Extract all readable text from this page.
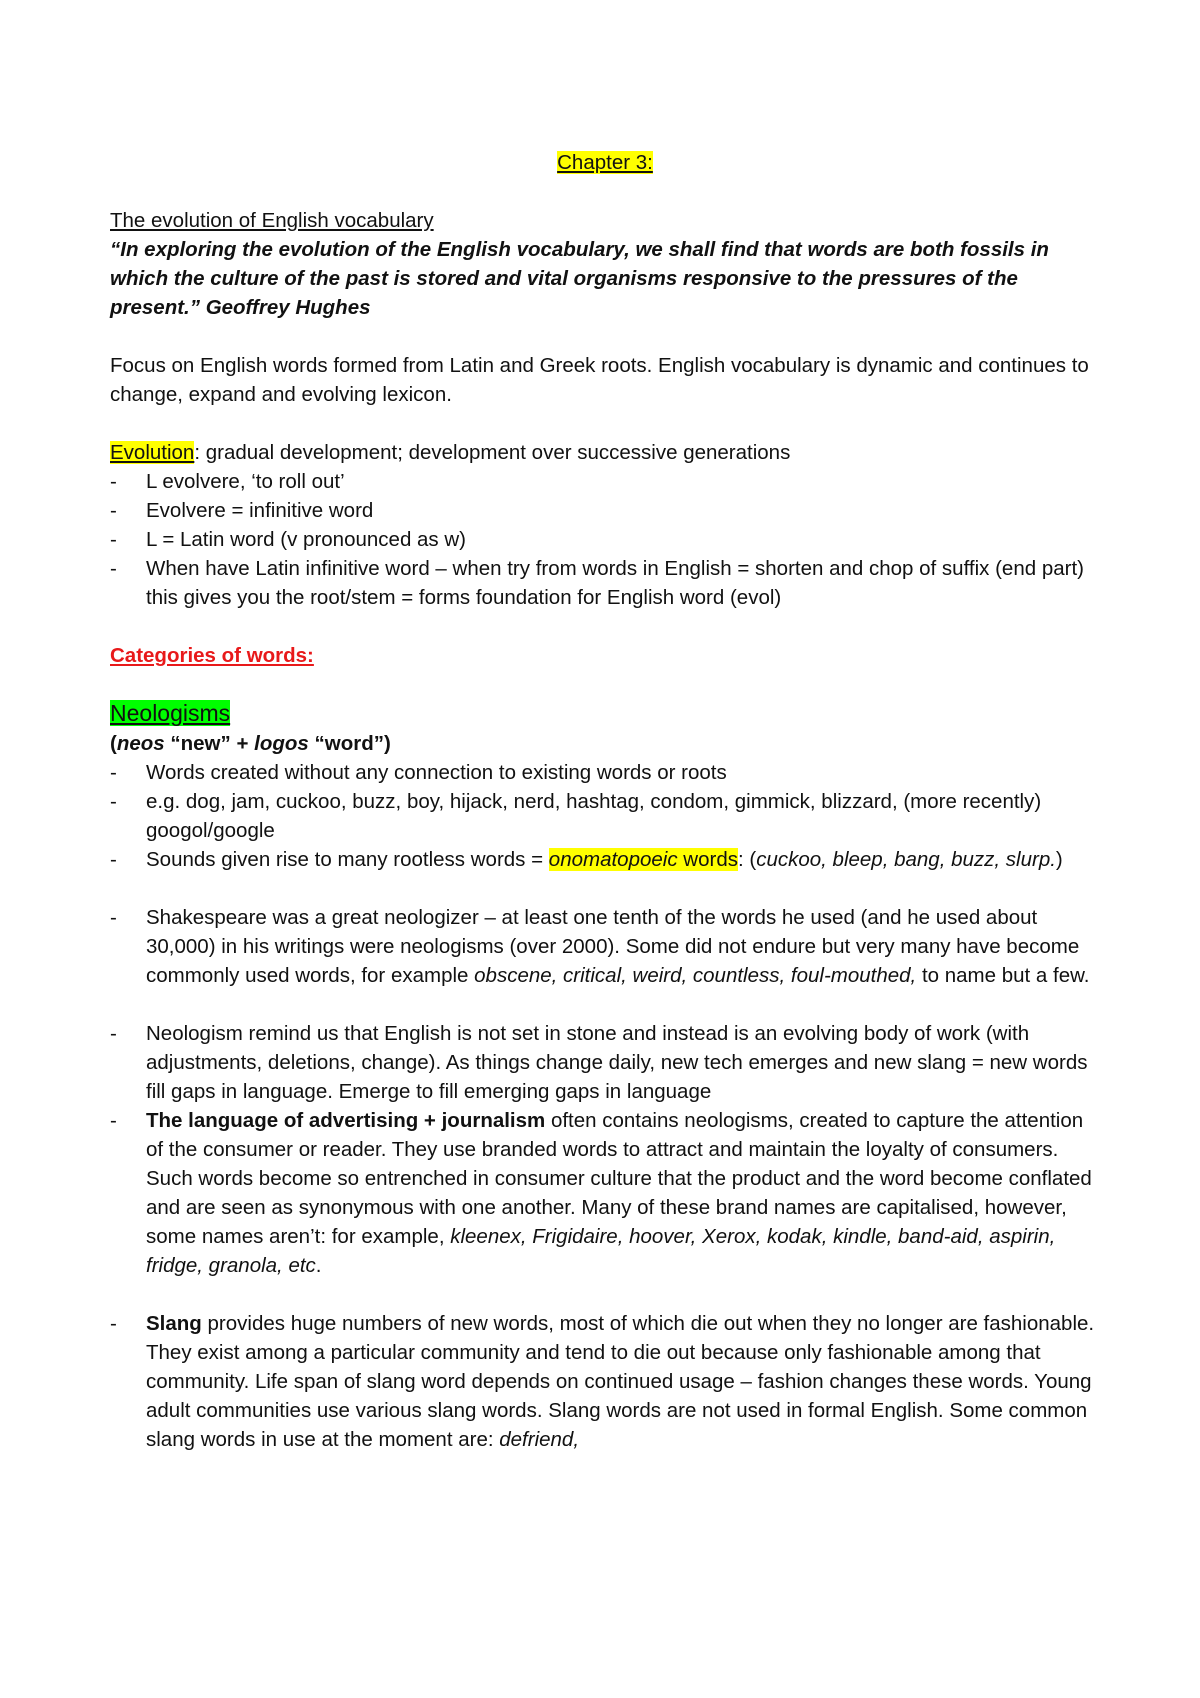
Chapter 3:

The evolution of English vocabulary

“In exploring the evolution of the English vocabulary, we shall find that words are both fossils in which the culture of the past is stored and vital organisms responsive to the pressures of the present.” Geoffrey Hughes

Focus on English words formed from Latin and Greek roots. English vocabulary is dynamic and continues to change, expand and evolving lexicon.

Evolution: gradual development; development over successive generations

- L evolvere, ‘to roll out’
- Evolvere = infinitive word
- L = Latin word (v pronounced as w)
- When have Latin infinitive word – when try from words in English = shorten and chop of suffix (end part) this gives you the root/stem = forms foundation for English word (evol)

Categories of words:

Neologisms

(neos “new” + logos “word”)

- Words created without any connection to existing words or roots
- e.g. dog, jam, cuckoo, buzz, boy, hijack, nerd, hashtag, condom, gimmick, blizzard, (more recently) googol/google
- Sounds given rise to many rootless words = onomatopoeic words: (cuckoo, bleep, bang, buzz, slurp.)
- Shakespeare was a great neologizer – at least one tenth of the words he used (and he used about 30,000) in his writings were neologisms (over 2000). Some did not endure but very many have become commonly used words, for example obscene, critical, weird, countless, foul-mouthed, to name but a few.
- Neologism remind us that English is not set in stone and instead is an evolving body of work (with adjustments, deletions, change). As things change daily, new tech emerges and new slang = new words fill gaps in language. Emerge to fill emerging gaps in language
- The language of advertising + journalism often contains neologisms, created to capture the attention of the consumer or reader. They use branded words to attract and maintain the loyalty of consumers. Such words become so entrenched in consumer culture that the product and the word become conflated and are seen as synonymous with one another. Many of these brand names are capitalised, however, some names aren’t: for example, kleenex, Frigidaire, hoover, Xerox, kodak, kindle, band-aid, aspirin, fridge, granola, etc.
- Slang provides huge numbers of new words, most of which die out when they no longer are fashionable. They exist among a particular community and tend to die out because only fashionable among that community. Life span of slang word depends on continued usage – fashion changes these words. Young adult communities use various slang words. Slang words are not used in formal English. Some common slang words in use at the moment are: defriend,
